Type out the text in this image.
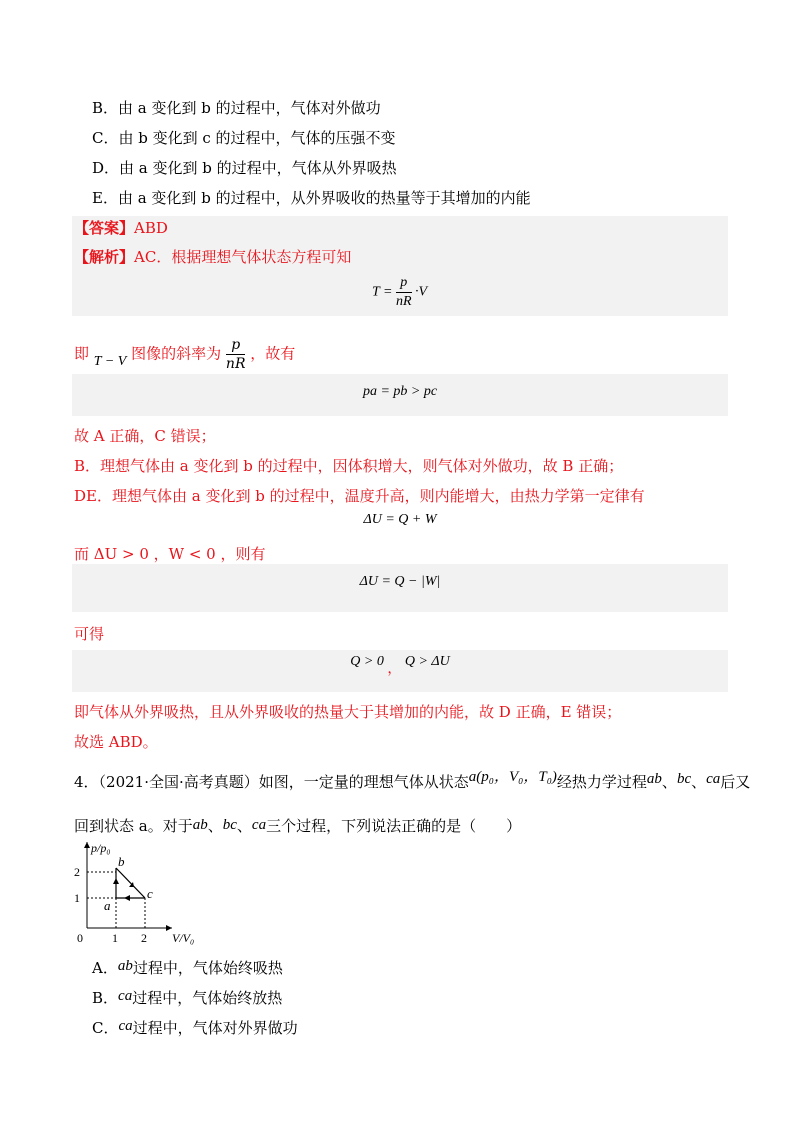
B．由 a 变化到 b 的过程中，气体对外做功
C．由 b 变化到 c 的过程中，气体的压强不变
D．由 a 变化到 b 的过程中，气体从外界吸热
E．由 a 变化到 b 的过程中，从外界吸收的热量等于其增加的内能
【答案】ABD
【解析】AC．根据理想气体状态方程可知
$T = \frac{p}{nR} \cdot V$
即 T − V 图像的斜率为 $\frac{p}{nR}$ ，故有
pa = pb > pc
故 A 正确，C 错误；
B．理想气体由 a 变化到 b 的过程中，因体积增大，则气体对外做功，故 B 正确；
DE．理想气体由 a 变化到 b 的过程中，温度升高，则内能增大，由热力学第一定律有
ΔU = Q + W
而 ΔU > 0 ，W < 0 ，则有
ΔU = Q − |W|
可得
Q > 0 ， Q > ΔU
即气体从外界吸热，且从外界吸收的热量大于其增加的内能，故 D 正确，E 错误；
故选 ABD。
4．（2021·全国·高考真题）如图，一定量的理想气体从状态a(p₀，V₀，T₀)经热力学过程ab、bc、ca后又
回到状态 a。对于ab、bc、ca三个过程，下列说法正确的是（　　）
p/p₀
V/V₀
2
1
0 1 2
a
b
c
A．ab过程中，气体始终吸热
B．ca过程中，气体始终放热
C．ca过程中，气体对外界做功
